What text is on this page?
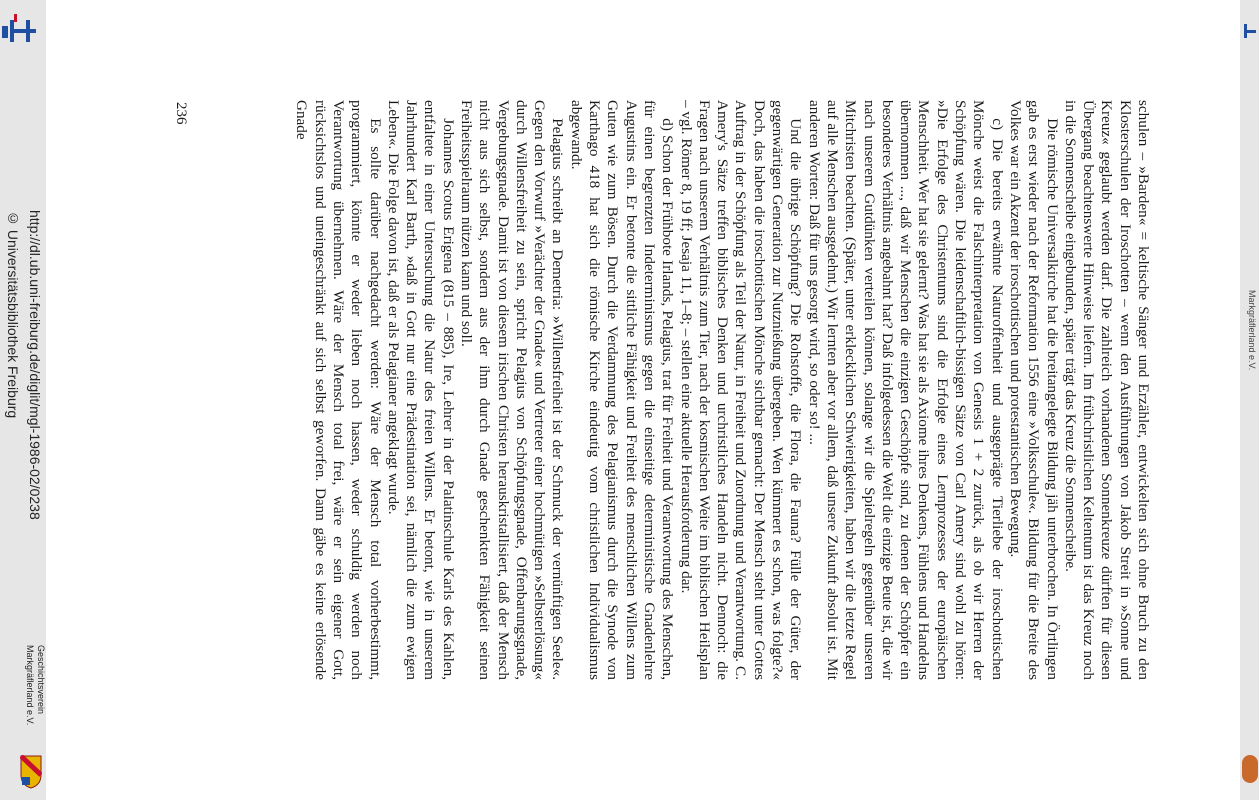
http://dl.ub.uni-freiburg.de/diglit/mgl-1986-02/0238
© Universitätsbibliothek Freiburg
Geschichtsverein
Markgräflerland e.V.
Markgräflerland e.V.

schulen – »Barden« = keltische Sänger und Erzähler, entwickelten sich ohne Bruch zu den Klosterschulen der Iroschotten – wenn den Ausführungen von Jakob Streit in »Sonne und Kreuz« geglaubt werden darf. Die zahlreich vorhandenen Sonnenkreuze dürften für diesen Übergang beachtenswerte Hinweise liefern. Im frühchristlichen Keltentum ist das Kreuz noch in die Sonnenscheibe eingebunden, später trägt das Kreuz die Sonnenscheibe.

Die römische Universalkirche hat die breitangelegte Bildung jäh unterbrochen. In Örtlingen gab es erst wieder nach der Reformation 1556 eine »Volksschule«. Bildung für die Breite des Volkes war ein Akzent der iroschottischen und protestantischen Bewegung.

c) Die bereits erwähnte Naturoffenheit und ausgeprägte Tierliebe der iroschottischen Mönche weist die Falschinterpretation von Genesis 1 + 2 zurück, als ob wir Herren der Schöpfung wären. Die leidenschaftlich-bissigen Sätze von Carl Amery sind wohl zu hören: »Die Erfolge des Christentums sind die Erfolge eines Lernprozesses der europäischen Menschheit. Wer hat sie gelernt? Was hat sie als Axiome ihres Denkens, Fühlens und Handelns übernommen ..., daß wir Menschen die einzigen Geschöpfe sind, zu denen der Schöpfer ein besonderes Verhältnis angebahnt hat? Daß infolgedessen die Welt die einzige Beute ist, die wir nach unserem Gutdünken verteilen können, solange wir die Spielregeln gegenüber unseren Mitchristen beachten. (Später, unter erklecklichen Schwierigkeiten, haben wir die letzte Regel auf alle Menschen ausgedehnt.) Wir lernten aber vor allem, daß unsere Zukunft absolut ist. Mit anderen Worten: Daß für uns gesorgt wird, so oder so! ...

Und die übrige Schöpfung? Die Rohstoffe, die Flora, die Fauna? Fülle der Güter, der gegenwärtigen Generation zur Nutznießung übergeben. Wen kümmert es schon, was folgte?« Doch, das haben die iroschottischen Mönche sichtbar gemacht: Der Mensch steht unter Gottes Auftrag in der Schöpfung als Teil der Natur, in Freiheit und Zuordnung und Verantwortung. C. Amery's Sätze treffen biblisches Denken und urchristliches Handeln nicht. Dennoch: die Fragen nach unserem Verhältnis zum Tier, nach der kosmischen Weite im biblischen Heilsplan – vgl. Römer 8, 19 ff; Jesaja 11, 1–8; – stellen eine aktuelle Herausforderung dar.

d) Schon der Frühbote Irlands, Pelagius, trat für Freiheit und Verantwortung des Menschen, für einen begrenzten Indeterminismus gegen die einseitige deterministische Gnadenlehre Augustins ein. Er betonte die sittliche Fähigkeit und Freiheit des menschlichen Willens zum Guten wie zum Bösen. Durch die Verdammung des Pelagianismus durch die Synode von Karthago 418 hat sich die römische Kirche eindeutig vom christlichen Individualismus abgewandt.

Pelagius schreibt an Demetria: »Willensfreiheit ist der Schmuck der vernünftigen Seele«. Gegen den Vorwurf »Verächter der Gnade« und Vertreter einer hochmütigen »Selbsterlösung« durch Willensfreiheit zu sein, spricht Pelagius von Schöpfungsgnade, Offenbarungsgnade, Vergebungsgnade. Damit ist von diesem irischen Christen herauskristallisiert, daß der Mensch nicht aus sich selbst, sondern aus der ihm durch Gnade geschenkten Fähigkeit seinen Freiheitsspielraum nützen kann und soll.

Johannes Scotus Erigena (815 – 885), Ire, Lehrer in der Palatinschule Karls des Kahlen, entfaltete in einer Untersuchung die Natur des freien Willens. Er betont, wie in unserem Jahrhundert Karl Barth, »daß in Gott nur eine Prädestination sei, nämlich die zum ewigen Leben«. Die Folge davon ist, daß er als Pelagianer angeklagt wurde.

Es sollte darüber nachgedacht werden: Wäre der Mensch total vorherbestimmt, programmiert, könnte er weder lieben noch hassen, weder schuldig werden noch Verantwortung übernehmen. Wäre der Mensch total frei, wäre er sein eigener Gott, rücksichtslos und uneingeschränkt auf sich selbst geworfen. Dann gäbe es keine erlösende Gnade

236
